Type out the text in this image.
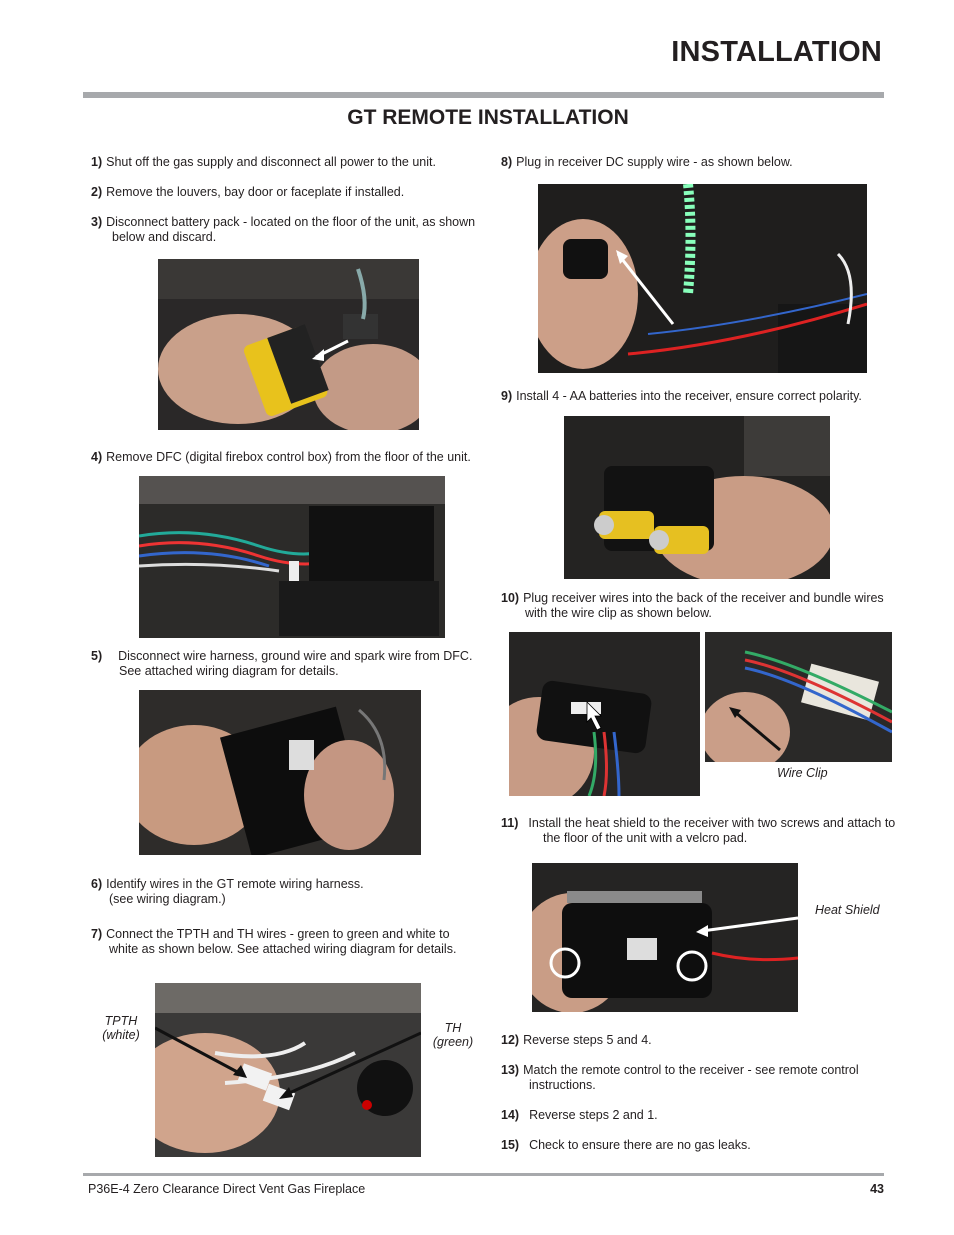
INSTALLATION
GT REMOTE INSTALLATION
1) Shut off the gas supply and disconnect all power to the unit.
2) Remove the louvers, bay door or faceplate if installed.
3) Disconnect battery pack - located on the floor of the unit, as shown
below and discard.
4) Remove DFC (digital firebox control box) from the floor of the unit.
5) Disconnect wire harness, ground wire and spark wire from DFC.
See attached wiring diagram for details.
6) Identify wires in the GT remote wiring harness.
(see wiring diagram.)
7) Connect the TPTH and TH wires - green to green and white to
white as shown below. See attached wiring diagram for details.
TPTH
(white)	TH
(green)
8) Plug in receiver DC supply wire - as shown below.
9) Install 4 - AA batteries into the receiver, ensure correct polarity.
10) Plug receiver wires into the back of the receiver and bundle wires
with the wire clip as shown below.
Wire Clip
11) Install the heat shield to the receiver with two screws and attach to
the floor of the unit with a velcro pad.
Heat Shield
12) Reverse steps 5 and 4.
13) Match the remote control to the receiver - see remote control
instructions.
14) Reverse steps 2 and 1.
15) Check to ensure there are no gas leaks.
P36E-4 Zero Clearance Direct Vent Gas Fireplace	43
